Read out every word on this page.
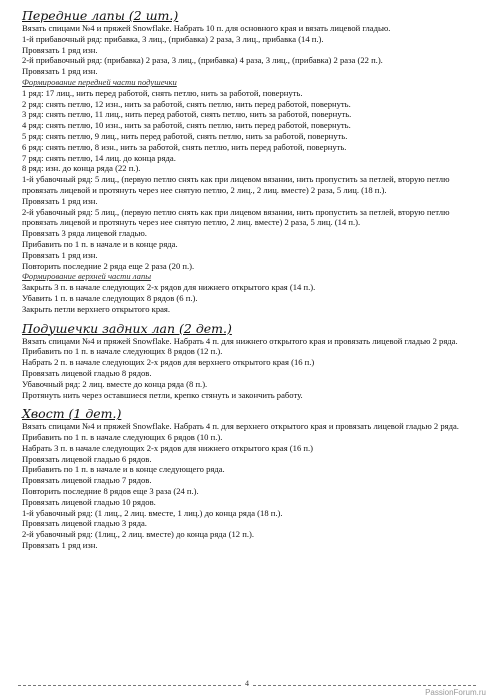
Передние лапы (2 шт.)

Вязать спицами №4 и пряжей Snowflake. Набрать 10 п. для основного края и вязать лицевой гладью.

1-й прибавочный ряд: прибавка, 3 лиц., (прибавка) 2 раза, 3 лиц., прибавка (14 п.).

Провязать 1 ряд изн.

2-й прибавочный ряд: (прибавка) 2 раза, 3 лиц., (прибавка) 4 раза, 3 лиц., (прибавка) 2 раза (22 п.).

Провязать 1 ряд изн.

Формирование передней части подушечки

1 ряд: 17 лиц., нить перед работой, снять петлю, нить за работой, повернуть.

2 ряд: снять петлю, 12 изн., нить за работой, снять петлю, нить перед работой, повернуть.

3 ряд: снять петлю, 11 лиц., нить перед работой, снять петлю, нить за работой, повернуть.

4 ряд: снять петлю, 10 изн., нить за работой, снять петлю, нить перед работой, повернуть.

5 ряд: снять петлю, 9 лиц., нить перед работой, снять петлю, нить за работой, повернуть.

6 ряд: снять петлю, 8 изн., нить за работой, снять петлю, нить перед работой, повернуть.

7 ряд: снять петлю, 14 лиц. до конца ряда.

8 ряд: изн. до конца ряда (22 п.).

1-й убавочный ряд: 5 лиц., (первую петлю снять как при лицевом вязании, нить пропустить за петлей, вторую петлю провязать лицевой и протянуть через нее снятую петлю, 2 лиц., 2 лиц. вместе) 2 раза, 5 лиц. (18 п.).

Провязать 1 ряд изн.

2-й убавочный ряд: 5 лиц., (первую петлю снять как при лицевом вязании, нить пропустить за петлей, вторую петлю провязать лицевой и протянуть через нее снятую петлю, 2 лиц. вместе) 2 раза, 5 лиц. (14 п.).

Провязать 3 ряда лицевой гладью.

Прибавить по 1 п. в начале и в конце ряда.

Провязать 1 ряд изн.

Повторить последние 2 ряда еще 2 раза (20 п.).

Формирование верхней части лапы

Закрыть 3 п. в начале следующих 2-х рядов для нижнего открытого края (14 п.).

Убавить 1 п. в начале следующих 8 рядов (6 п.).

Закрыть петли верхнего открытого края.

Подушечки задних лап (2 дет.)

Вязать спицами №4 и пряжей Snowflake. Набрать 4 п. для нижнего открытого края и провязать лицевой гладью 2 ряда.

Прибавить по 1 п. в начале следующих 8 рядов (12 п.).

Набрать 2 п. в начале следующих 2-х рядов для верхнего открытого края (16 п.)

Провязать лицевой гладью 8 рядов.

Убавочный ряд: 2 лиц. вместе до конца ряда (8 п.).

Протянуть нить через оставшиеся петли, крепко стянуть и закончить работу.

Хвост (1 дет.)

Вязать спицами №4 и пряжей Snowflake. Набрать 4 п. для верхнего открытого края и провязать лицевой гладью 2 ряда.

Прибавить по 1 п. в начале следующих 6 рядов (10 п.).

Набрать 3 п. в начале следующих 2-х рядов для нижнего открытого края (16 п.)

Провязать лицевой гладью 6 рядов.

Прибавить по 1 п. в начале и в конце следующего ряда.

Провязать лицевой гладью 7 рядов.

Повторить последние 8 рядов еще 3 раза (24 п.).

Провязать лицевой гладью 10 рядов.

1-й убавочный ряд: (1 лиц., 2 лиц. вместе, 1 лиц.) до конца ряда (18 п.).

Провязать лицевой гладью 3 ряда.

2-й убавочный ряд: (1лиц., 2 лиц. вместе) до конца ряда (12 п.).

Провязать 1 ряд изн.

4
PassionForum.ru
